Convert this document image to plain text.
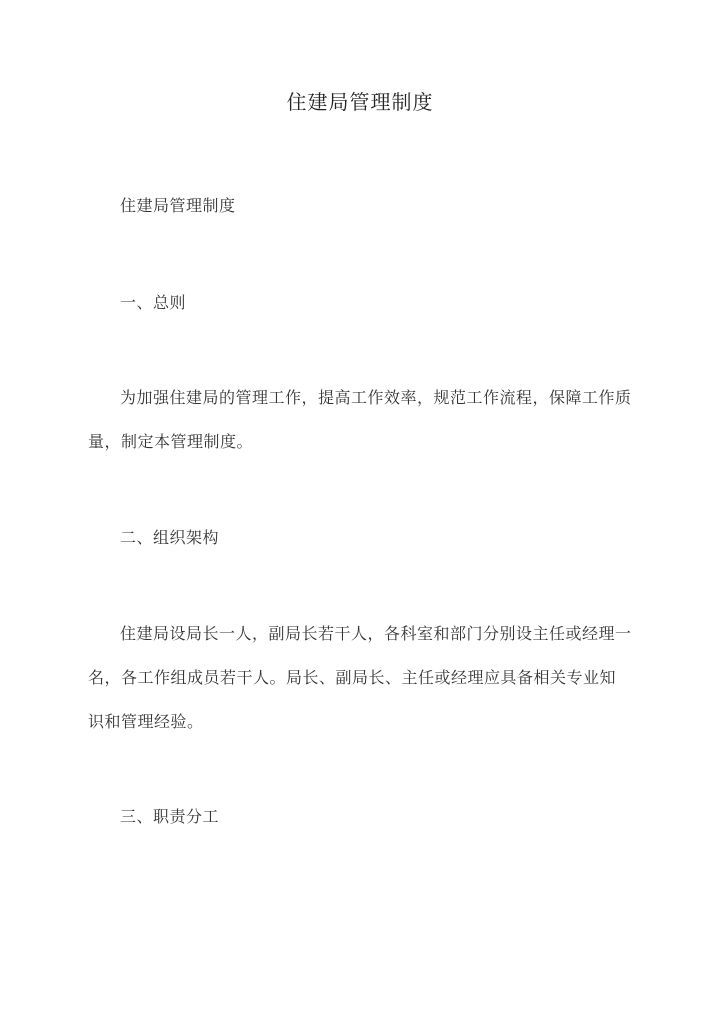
住建局管理制度

住建局管理制度

一、总则

为加强住建局的管理工作，提高工作效率，规范工作流程，保障工作质量，制定本管理制度。

二、组织架构

住建局设局长一人，副局长若干人，各科室和部门分别设主任或经理一名，各工作组成员若干人。局长、副局长、主任或经理应具备相关专业知识和管理经验。

三、职责分工
